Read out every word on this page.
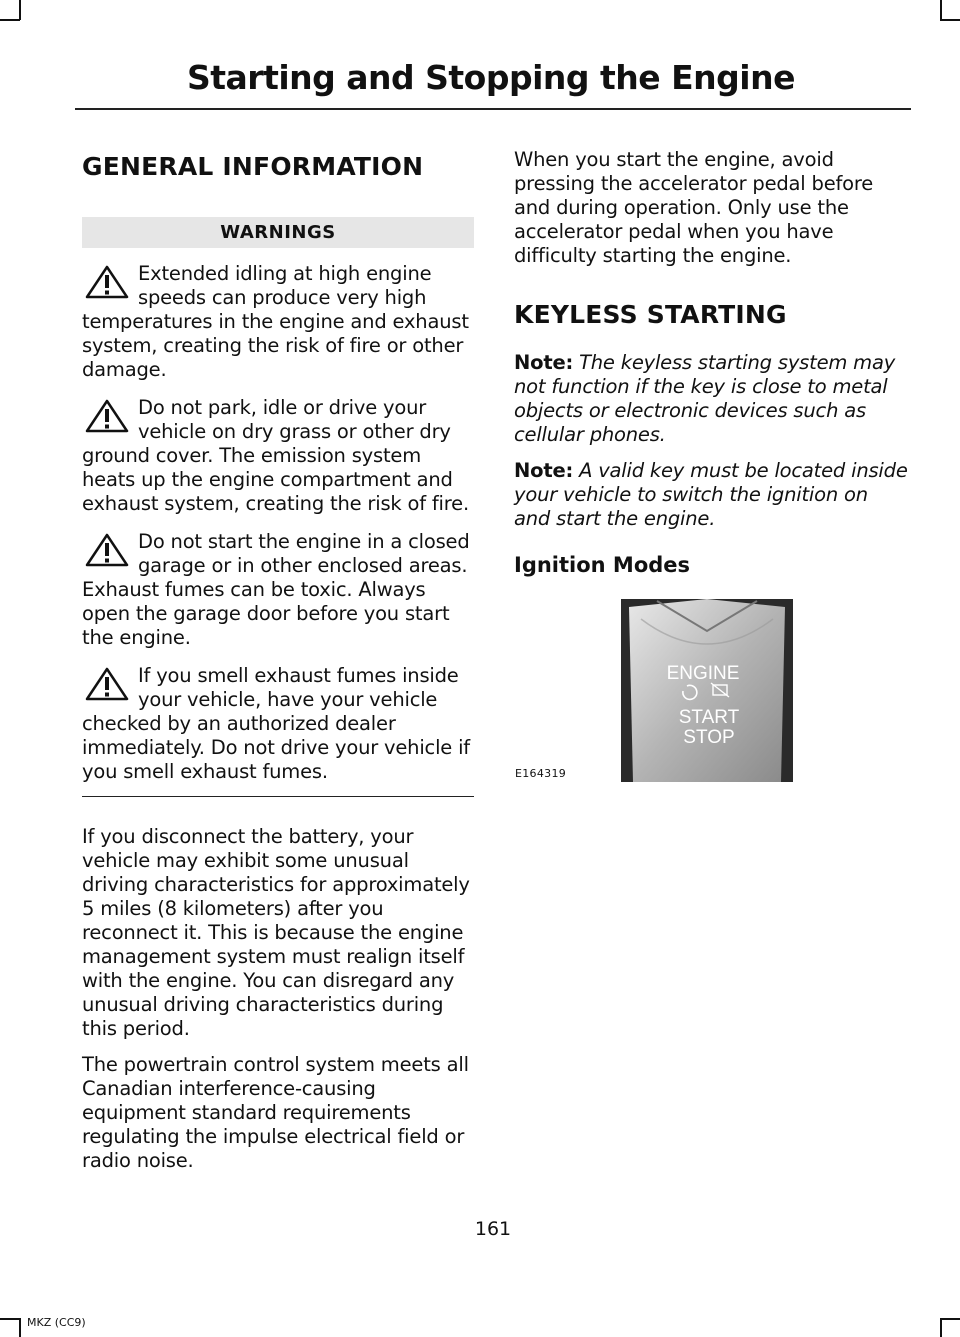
Starting and Stopping the Engine
GENERAL INFORMATION
WARNINGS
Extended idling at high engine speeds can produce very high temperatures in the engine and exhaust system, creating the risk of fire or other damage.
Do not park, idle or drive your vehicle on dry grass or other dry ground cover. The emission system heats up the engine compartment and exhaust system, creating the risk of fire.
Do not start the engine in a closed garage or in other enclosed areas. Exhaust fumes can be toxic. Always open the garage door before you start the engine.
If you smell exhaust fumes inside your vehicle, have your vehicle checked by an authorized dealer immediately. Do not drive your vehicle if you smell exhaust fumes.

If you disconnect the battery, your vehicle may exhibit some unusual driving characteristics for approximately 5 miles (8 kilometers) after you reconnect it. This is because the engine management system must realign itself with the engine. You can disregard any unusual driving characteristics during this period.

The powertrain control system meets all Canadian interference-causing equipment standard requirements regulating the impulse electrical field or radio noise.

When you start the engine, avoid pressing the accelerator pedal before and during operation. Only use the accelerator pedal when you have difficulty starting the engine.

KEYLESS STARTING

Note: The keyless starting system may not function if the key is close to metal objects or electronic devices such as cellular phones.

Note: A valid key must be located inside your vehicle to switch the ignition on and start the engine.

Ignition Modes
ENGINE
START
STOP
E164319
161
MKZ (CC9)
